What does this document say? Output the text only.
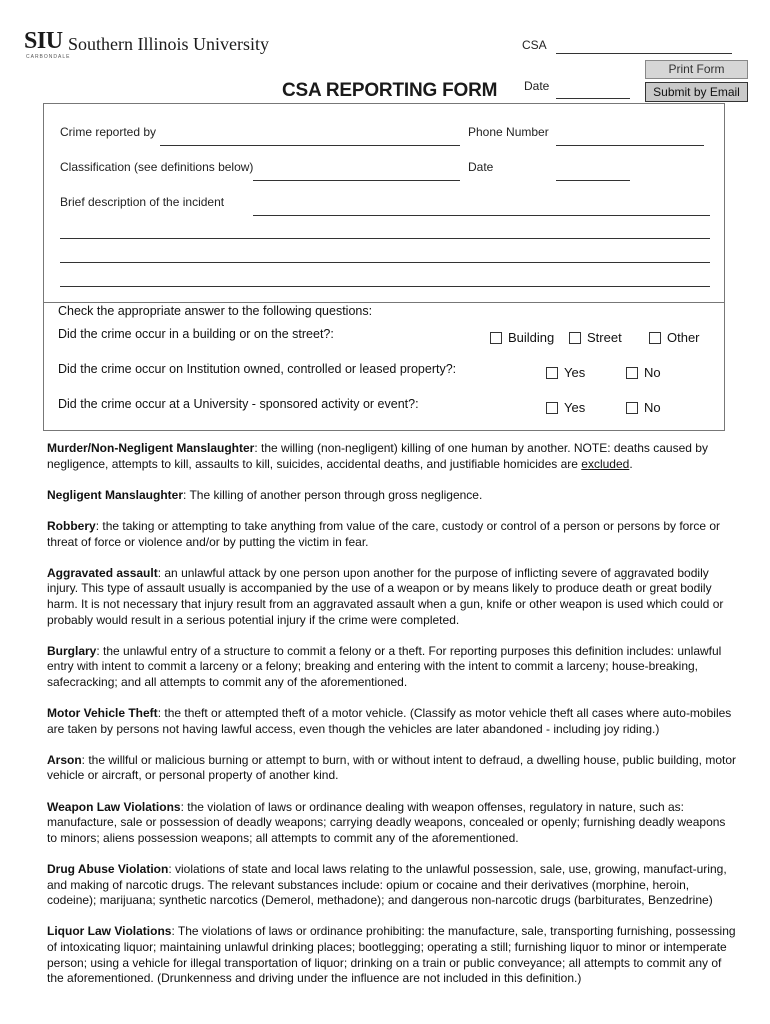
SIU Southern Illinois University
CARBONDALE
CSA REPORTING FORM
CSA
Date
Print Form
Submit by Email
Crime reported by	Phone Number
Classification (see definitions below)	Date
Brief description of the incident
Check the appropriate answer to the following questions:
Did the crime occur in a building or on the street?:	Building	Street	Other
Did the crime occur on Institution owned, controlled or leased property?:	Yes	No
Did the crime occur at a University - sponsored activity or event?:	Yes	No

Murder/Non-Negligent Manslaughter: the willing (non-negligent) killing of one human by another. NOTE: deaths caused by negligence, attempts to kill, assaults to kill, suicides, accidental deaths, and justifiable homicides are excluded.

Negligent Manslaughter: The killing of another person through gross negligence.

Robbery: the taking or attempting to take anything from value of the care, custody or control of a person or persons by force or threat of force or violence and/or by putting the victim in fear.

Aggravated assault: an unlawful attack by one person upon another for the purpose of inflicting severe of aggravated bodily injury. This type of assault usually is accompanied by the use of a weapon or by means likely to produce death or great bodily harm. It is not necessary that injury result from an aggravated assault when a gun, knife or other weapon is used which could or probably would result in a serious potential injury if the crime were completed.

Burglary: the unlawful entry of a structure to commit a felony or a theft. For reporting purposes this definition includes: unlawful entry with intent to commit a larceny or a felony; breaking and entering with the intent to commit a larceny; house-breaking, safecracking; and all attempts to commit any of the aforementioned.

Motor Vehicle Theft: the theft or attempted theft of a motor vehicle. (Classify as motor vehicle theft all cases where auto-mobiles are taken by persons not having lawful access, even though the vehicles are later abandoned - including joy riding.)

Arson: the willful or malicious burning or attempt to burn, with or without intent to defraud, a dwelling house, public building, motor vehicle or aircraft, or personal property of another kind.

Weapon Law Violations: the violation of laws or ordinance dealing with weapon offenses, regulatory in nature, such as: manufacture, sale or possession of deadly weapons; carrying deadly weapons, concealed or openly; furnishing deadly weapons to minors; aliens possession weapons; all attempts to commit any of the aforementioned.

Drug Abuse Violation: violations of state and local laws relating to the unlawful possession, sale, use, growing, manufact-uring, and making of narcotic drugs. The relevant substances include: opium or cocaine and their derivatives (morphine, heroin, codeine); marijuana; synthetic narcotics (Demerol, methadone); and dangerous non-narcotic drugs (barbiturates, Benzedrine)

Liquor Law Violations: The violations of laws or ordinance prohibiting: the manufacture, sale, transporting furnishing, possessing of intoxicating liquor; maintaining unlawful drinking places; bootlegging; operating a still; furnishing liquor to minor or intemperate person; using a vehicle for illegal transportation of liquor; drinking on a train or public conveyance; all attempts to commit any of the aforementioned. (Drunkenness and driving under the influence are not included in this definition.)
